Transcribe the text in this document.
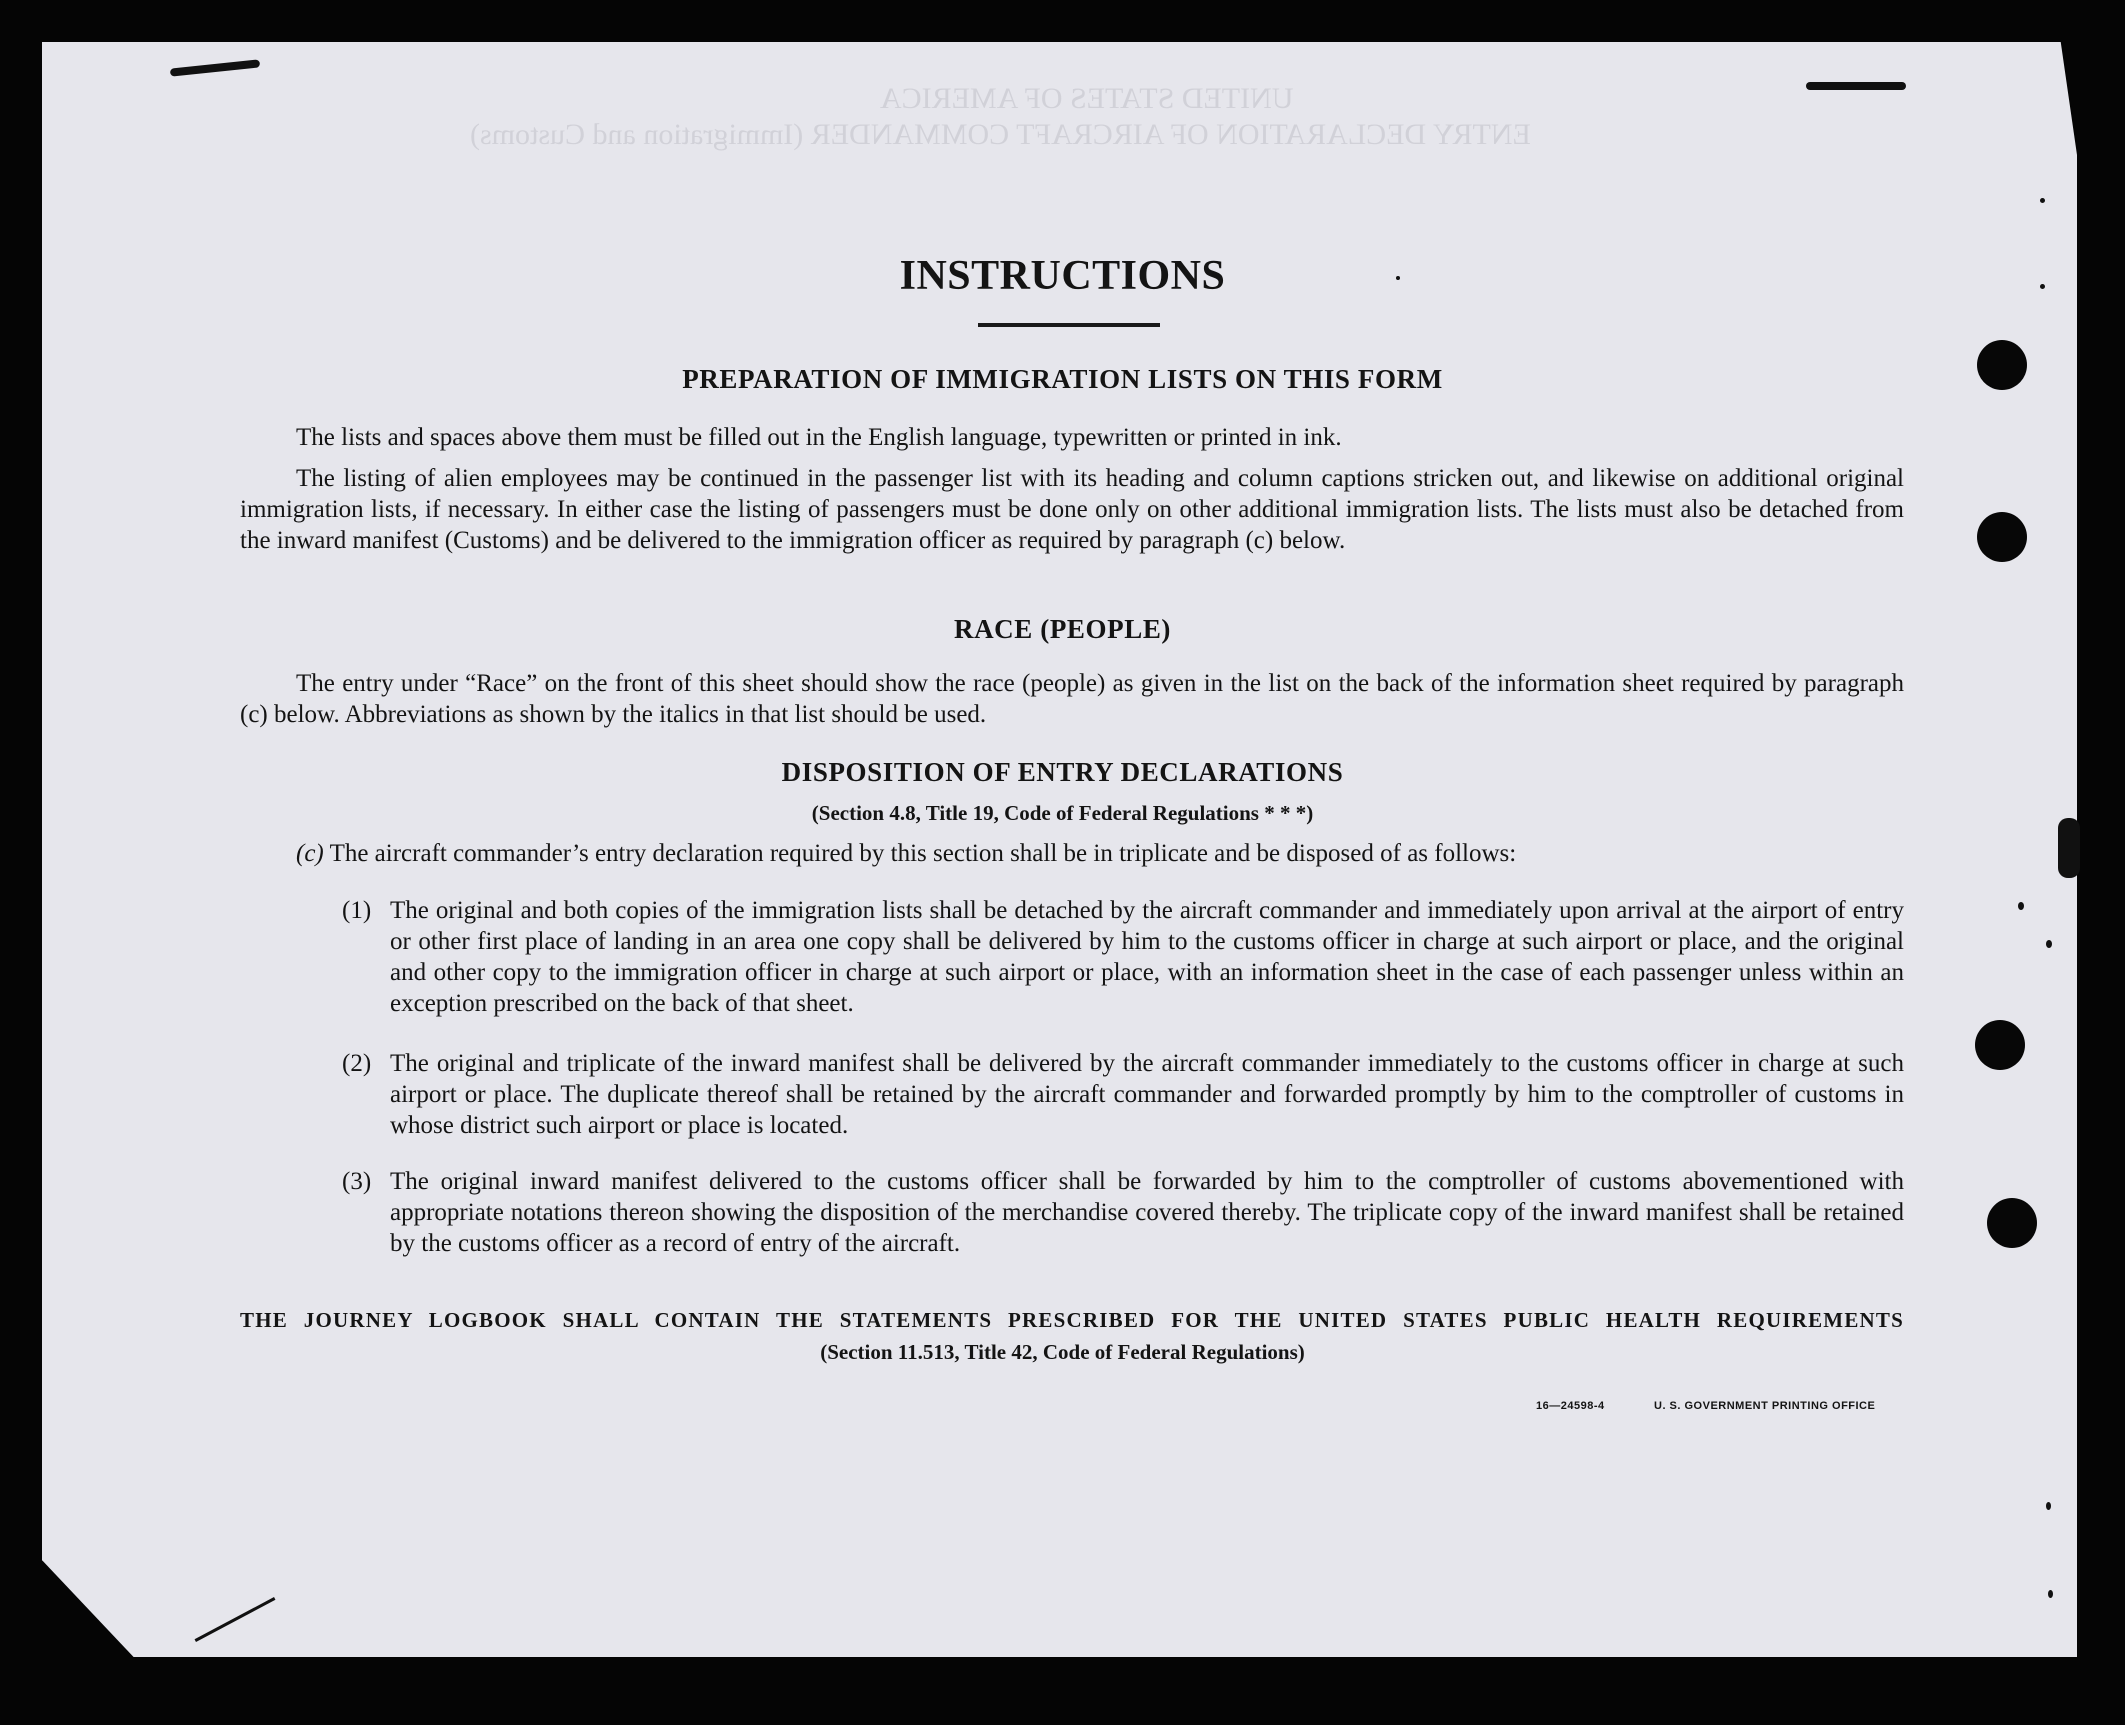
UNITED STATES OF AMERICA
ENTRY DECLARATION OF AIRCRAFT COMMANDER (Immigration and Customs)
INSTRUCTIONS
PREPARATION OF IMMIGRATION LISTS ON THIS FORM
The lists and spaces above them must be filled out in the English language, typewritten or printed in ink.
The listing of alien employees may be continued in the passenger list with its heading and column captions stricken out, and likewise on additional original immigration lists, if necessary. In either case the listing of passengers must be done only on other additional immigration lists. The lists must also be detached from the inward manifest (Customs) and be delivered to the immigration officer as required by paragraph (c) below.
RACE (PEOPLE)
The entry under “Race” on the front of this sheet should show the race (people) as given in the list on the back of the information sheet required by paragraph (c) below. Abbreviations as shown by the italics in that list should be used.
DISPOSITION OF ENTRY DECLARATIONS
(Section 4.8, Title 19, Code of Federal Regulations * * *)
(c) The aircraft commander’s entry declaration required by this section shall be in triplicate and be disposed of as follows:
(1) The original and both copies of the immigration lists shall be detached by the aircraft commander and immediately upon arrival at the airport of entry or other first place of landing in an area one copy shall be delivered by him to the customs officer in charge at such airport or place, and the original and other copy to the immigration officer in charge at such airport or place, with an information sheet in the case of each passenger unless within an exception prescribed on the back of that sheet.
(2) The original and triplicate of the inward manifest shall be delivered by the aircraft commander immediately to the customs officer in charge at such airport or place. The duplicate thereof shall be retained by the aircraft commander and forwarded promptly by him to the comptroller of customs in whose district such airport or place is located.
(3) The original inward manifest delivered to the customs officer shall be forwarded by him to the comptroller of customs abovementioned with appropriate notations thereon showing the disposition of the merchandise covered thereby. The triplicate copy of the inward manifest shall be retained by the customs officer as a record of entry of the aircraft.
THE JOURNEY LOGBOOK SHALL CONTAIN THE STATEMENTS PRESCRIBED FOR THE UNITED STATES PUBLIC HEALTH REQUIREMENTS
(Section 11.513, Title 42, Code of Federal Regulations)
16—24598-4	U. S. GOVERNMENT PRINTING OFFICE
